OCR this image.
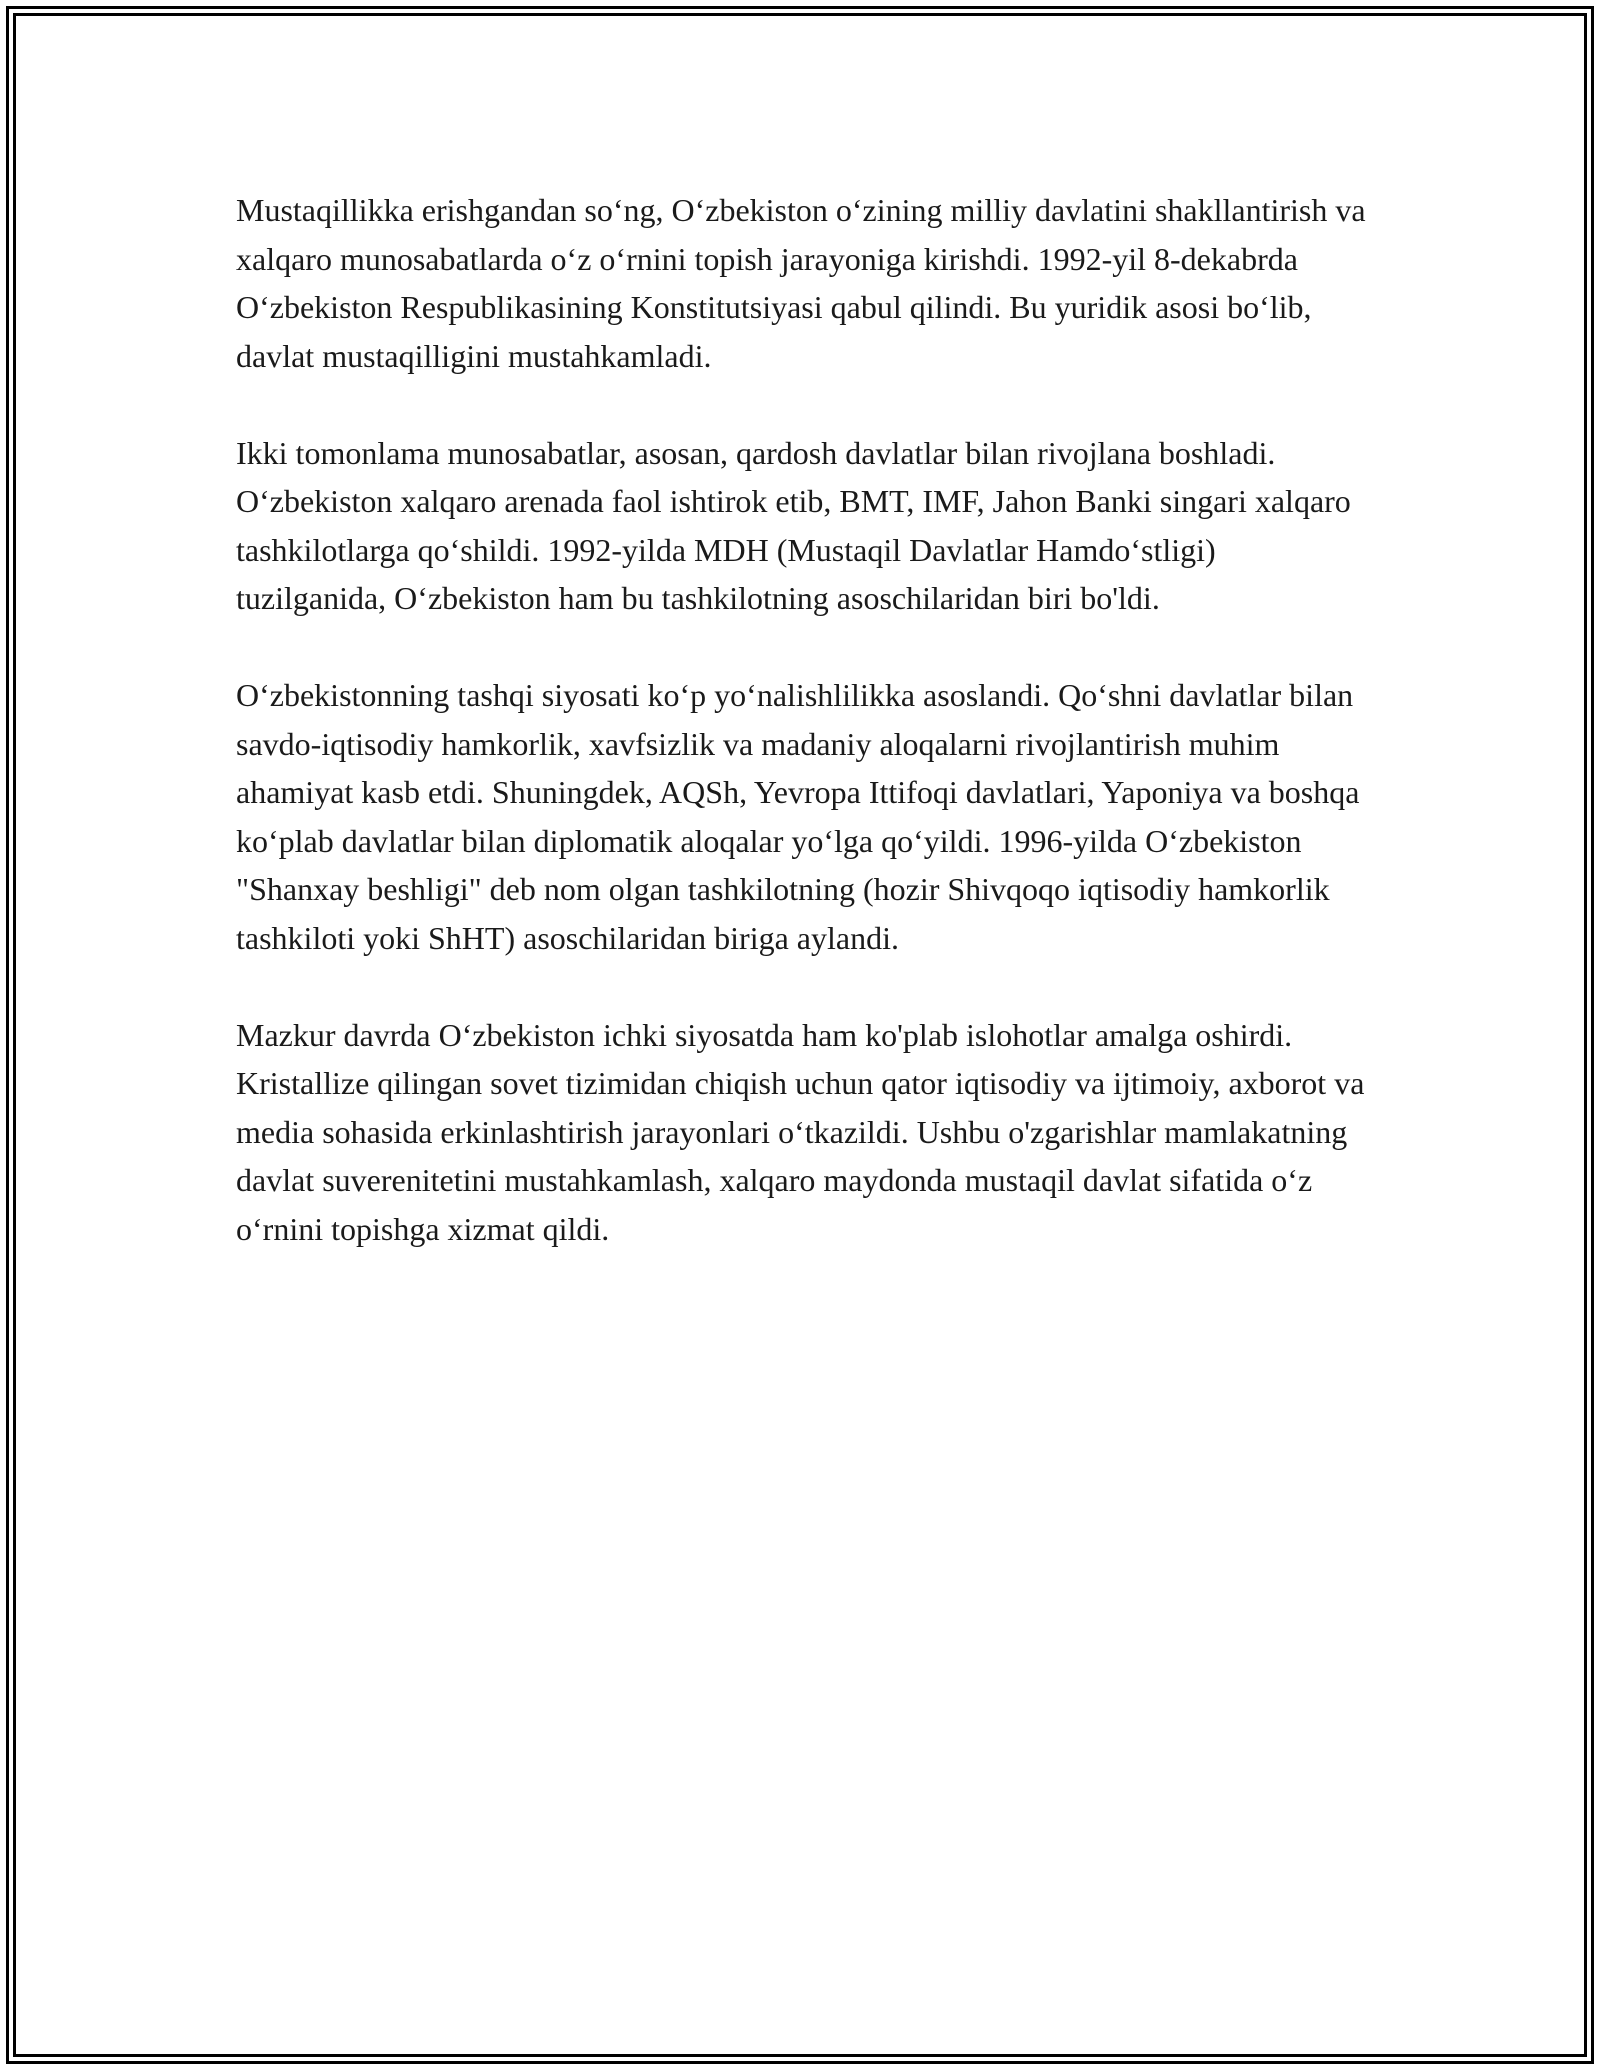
Mustaqillikka erishgandan so‘ng, O‘zbekiston o‘zining milliy davlatini shakllantirish va xalqaro munosabatlarda o‘z o‘rnini topish jarayoniga kirishdi. 1992-yil 8-dekabrda O‘zbekiston Respublikasining Konstitutsiyasi qabul qilindi. Bu yuridik asosi bo‘lib, davlat mustaqilligini mustahkamladi.

Ikki tomonlama munosabatlar, asosan, qardosh davlatlar bilan rivojlana boshladi. O‘zbekiston xalqaro arenada faol ishtirok etib, BMT, IMF, Jahon Banki singari xalqaro tashkilotlarga qo‘shildi. 1992-yilda MDH (Mustaqil Davlatlar Hamdo‘stligi) tuzilganida, O‘zbekiston ham bu tashkilotning asoschilaridan biri bo'ldi.

O‘zbekistonning tashqi siyosati ko‘p yo‘nalishlilikka asoslandi. Qo‘shni davlatlar bilan savdo-iqtisodiy hamkorlik, xavfsizlik va madaniy aloqalarni rivojlantirish muhim ahamiyat kasb etdi. Shuningdek, AQSh, Yevropa Ittifoqi davlatlari, Yaponiya va boshqa ko‘plab davlatlar bilan diplomatik aloqalar yo‘lga qo‘yildi. 1996-yilda O‘zbekiston "Shanxay beshligi" deb nom olgan tashkilotning (hozir Shivqoqo iqtisodiy hamkorlik tashkiloti yoki ShHT) asoschilaridan biriga aylandi.

Mazkur davrda O‘zbekiston ichki siyosatda ham ko'plab islohotlar amalga oshirdi. Kristallize qilingan sovet tizimidan chiqish uchun qator iqtisodiy va ijtimoiy, axborot va media sohasida erkinlashtirish jarayonlari o‘tkazildi. Ushbu o'zgarishlar mamlakatning davlat suverenitetini mustahkamlash, xalqaro maydonda mustaqil davlat sifatida o‘z o‘rnini topishga xizmat qildi.
